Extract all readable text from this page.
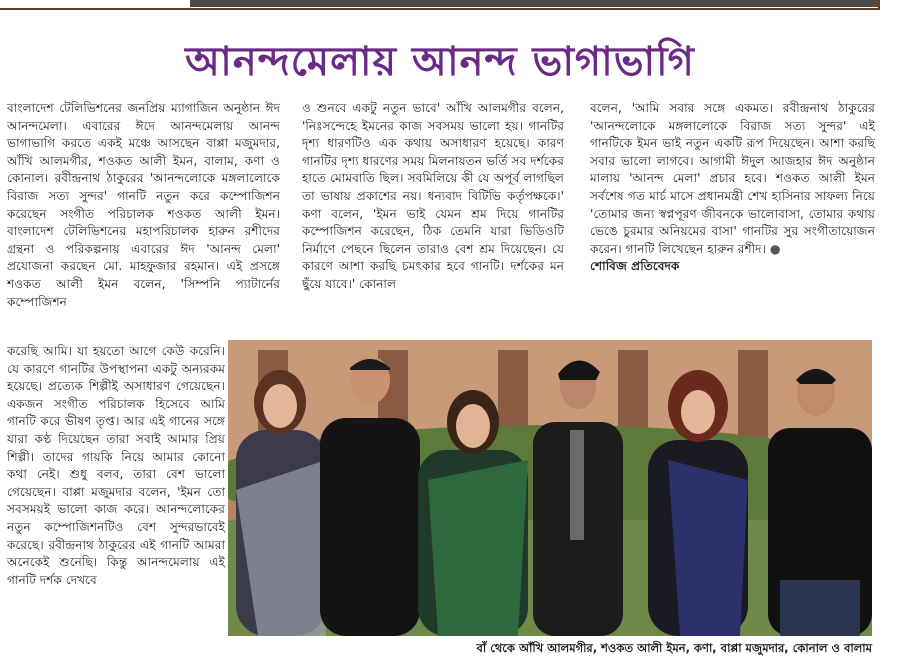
আনন্দমেলায় আনন্দ ভাগাভাগি

বাংলাদেশ টেলিভিশনের জনপ্রিয় ম্যাগাজিন অনুষ্ঠান ঈদ আনন্দমেলা। এবারের ঈদে আনন্দমেলায় আনন্দ ভাগাভাগি করতে একই মঞ্চে আসছেন বাপ্পা মজুমদার, আঁখি আলমগীর, শওকত আলী ইমন, বালাম, কণা ও কোনাল। রবীন্দ্রনাথ ঠাকুরের 'আনন্দলোকে মঙ্গলালোকে বিরাজ সত্য সুন্দর' গানটি নতুন করে কম্পোজিশন করেছেন সংগীত পরিচালক শওকত আলী ইমন। বাংলাদেশ টেলিভিশনের মহাপরিচালক হারুন রশীদের গ্রন্থনা ও পরিকল্পনায় এবারের ঈদ 'আনন্দ মেলা' প্রযোজনা করছেন মো. মাহফুজার রহমান। এই প্রসঙ্গে শওকত আলী ইমন বলেন, 'সিম্পনি প্যাটার্নের কম্পোজিশন

করেছি আমি। যা হয়তো আগে কেউ করেনি। যে কারণে গানটির উপস্থাপনা একটু অন্যরকম হয়েছে। প্রত্যেক শিল্পীই অসাধারণ গেয়েছেন। একজন সংগীত পরিচালক হিসেবে আমি গানটি করে ভীষণ তৃপ্ত। আর এই গানের সঙ্গে যারা কণ্ঠ দিয়েছেন তারা সবাই আমার প্রিয় শিল্পী। তাদের গায়কি নিয়ে আমার কোনো কথা নেই। শুধু বলব, তারা বেশ ভালো গেয়েছেন। বাপ্পা মজুমদার বলেন, 'ইমন তো সবসময়ই ভালো কাজ করে। আনন্দলোকের নতুন কম্পোজিশনটিও বেশ সুন্দরভাবেই করেছে। রবীন্দ্রনাথ ঠাকুরের এই গানটি আমরা অনেকেই শুনেছি। কিন্তু আনন্দমেলায় এই গানটি দর্শক দেখবে

ও শুনবে একটু নতুন ভাবে' আঁখি আলমগীর বলেন, 'নিঃসন্দেহে ইমনের কাজ সবসময় ভালো হয়। গানটির দৃশ্য ধারণটিও এক কথায় অসাধারণ হয়েছে। কারণ গানটির দৃশ্য ধারণের সময় মিলনায়তন ভর্তি সব দর্শকের হাতে মোমবাতি ছিল। সবমিলিয়ে কী যে অপূর্ব লাগছিল তা ভাষায় প্রকাশের নয়। ধন্যবাদ বিটিভি কর্তৃপক্ষকে।' কণা বলেন, 'ইমন ভাই যেমন শ্রম দিয়ে গানটির কম্পোজিশন করেছেন, ঠিক তেমনি যারা ভিডিওটি নির্মাণে পেছনে ছিলেন তারাও বেশ শ্রম দিয়েছেন। যে কারণে আশা করছি চমৎকার হবে গানটি। দর্শকের মন ছুঁয়ে যাবে।' কোনাল

বলেন, 'আমি সবার সঙ্গে একমত। রবীন্দ্রনাথ ঠাকুরের 'আনন্দলোকে মঙ্গলালোকে বিরাজ সত্য সুন্দর' এই গানটিকে ইমন ভাই নতুন একটি রূপ দিয়েছেন। আশা করছি সবার ভালো লাগবে। আগামী ঈদুল আজহার ঈদ অনুষ্ঠান মালায় 'আনন্দ মেলা' প্রচার হবে। শওকত আলী ইমন সর্বশেষ গত মার্চ মাসে প্রধানমন্ত্রী শেখ হাসিনার সাফল্য নিয়ে 'তোমার জন্য স্বপ্নপূরণ জীবনকে ভালোবাসা, তোমার কথায় ভেঙে চুরমার অনিয়মের বাসা' গানটির সুর সংগীতায়োজন করেন। গানটি লিখেছেন হারুন রশীদ। ●

শোবিজ প্রতিবেদক

বাঁ থেকে আঁখি আলমগীর, শওকত আলী ইমন, কণা, বাপ্পা মজুমদার, কোনাল ও বালাম
